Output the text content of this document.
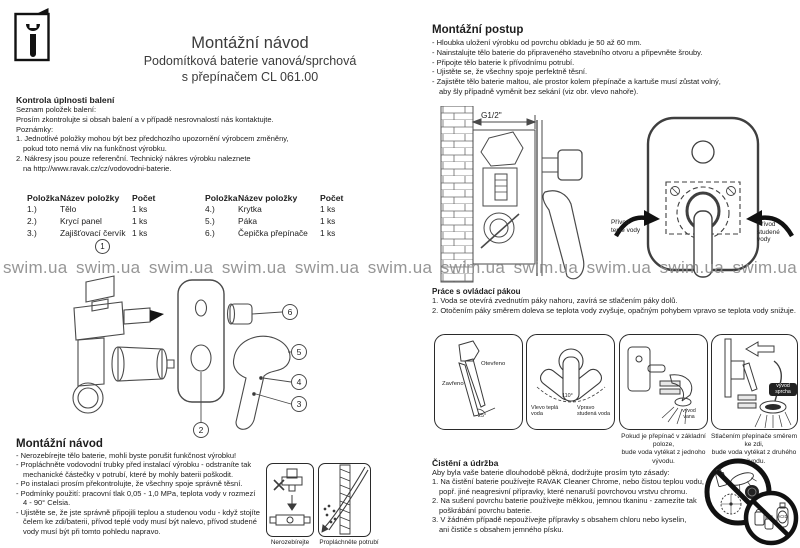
Montážní návod
Podomítková baterie vanová/sprchová
s přepínačem CL 061.00
Kontrola úplnosti balení
Seznam položek balení:
Prosím zkontrolujte si obsah balení a v případě nesrovnalostí nás kontaktujte.
Poznámky:
1. Jednotlivé položky mohou být bez předchozího upozornění výrobcem změněny,
pokud toto nemá vliv na funkčnost výrobku.
2. Nákresy jsou pouze referenční. Technický nákres výrobku naleznete
na http://www.ravak.cz/cz/vodovodni-baterie.
Položka Název položky	Počet
1.)	Tělo	1 ks
2.)	Krycí panel	1 ks
3.)	Zajišťovací červík 1 ks
Položka Název položky	Počet
4.)	Krytka	1 ks
5.)	Páka	1 ks
6.)	Čepička přepínače	1 ks
1
2
6
5
4
3
swim.ua swim.ua swim.ua swim.ua swim.ua swim.ua swim.ua swim.ua swim.ua swim.ua swim.ua
Montážní návod
- Nerozebírejte tělo baterie, mohli byste porušit funkčnost výrobku!
- Propláchněte vodovodní trubky před instalací výrobku - odstraníte tak
mechanické částečky v potrubí, které by mohly baterii poškodit.
- Po instalaci prosím překontrolujte, že všechny spoje správně těsní.
- Podmínky použití: pracovní tlak 0,05 - 1,0 MPa, teplota vody v rozmezí
4 - 90° Celsia.
- Ujistěte se, že jste správně připojili teplou a studenou vodu - když stojíte
čelem ke zdi/baterii, přívod teplé vody musí být nalevo, přívod studené
vody musí být při tomto pohledu napravo.
Nerozebírejte	Propláchněte potrubí
Montážní postup
- Hloubka uložení výrobku od povrchu obkladu je 50 až 60 mm.
- Nainstalujte tělo baterie do připraveného stavebního otvoru a připevněte šrouby.
- Připojte tělo baterie k přívodnímu potrubí.
- Ujistěte se, že všechny spoje perfektně těsní.
- Zajistěte tělo baterie maltou, ale prostor kolem přepínače a kartuše musí zůstat volný,
aby šly případně vyměnit bez sekání (viz obr. vlevo nahoře).
G1/2"
Přívod teplé vody
Přívod studené vody
Práce s ovládací pákou
1. Voda se otevírá zvednutím páky nahoru, zavírá se stlačením páky dolů.
2. Otočením páky směrem doleva se teplota vody zvyšuje, opačným pohybem vpravo se teplota vody snižuje.
Otevřeno
Zavřeno
25°
110°
Vlevo teplá voda
Vpravo studená voda
vývod vana
vývod sprcha
Pokud je přepínač v základní poloze,
bude voda vytékat z jednoho vývodu.
Stlačením přepínače směrem ke zdi,
bude voda vytékat z druhého vývodu.
Čistění a údržba
Aby byla vaše baterie dlouhodobě pěkná, dodržujte prosím tyto zásady:
1. Na čistění baterie používejte RAVAK Cleaner Chrome, nebo čistou teplou vodu,
popř. jiné neagresivní přípravky, které nenaruší povrchovou vrstvu chromu.
2. Na sušení povrchu baterie používejte měkkou, jemnou tkaninu - zamezíte tak
poškrábání povrchu baterie.
3. V žádném případě nepoužívejte přípravky s obsahem chloru nebo kyselin,
ani čističe s obsahem jemného písku.
ACID
